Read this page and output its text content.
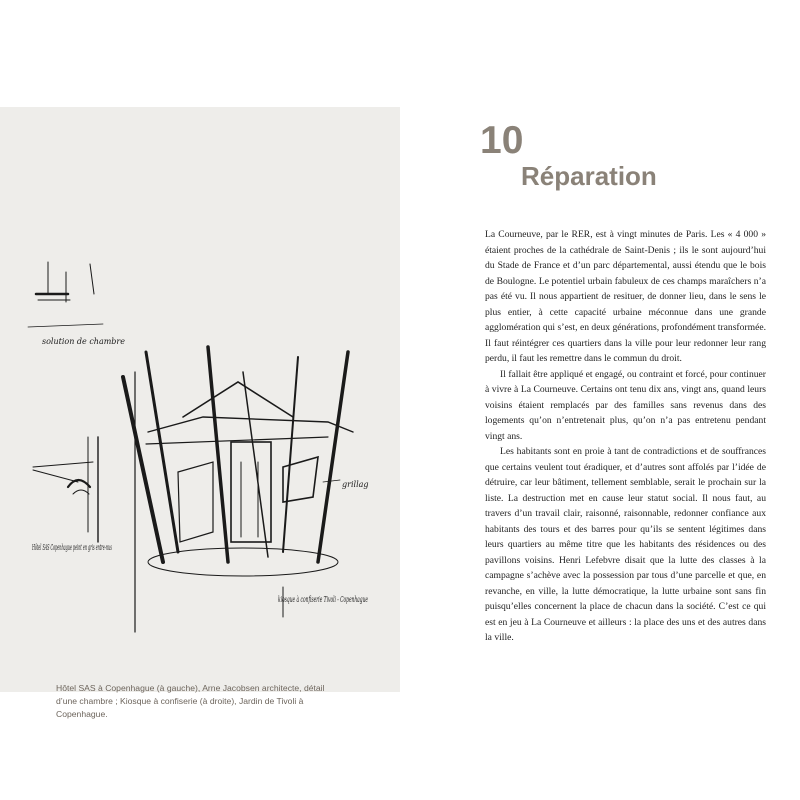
solution de chambre
Hôtel SAS Copenhague peint en gris entre-nus
grillag
kiosque à confiserie Tivoli - Copenhague

Hôtel SAS à Copenhague (à gauche), Arne Jacobsen architecte, détail d’une chambre ; Kiosque à confiserie (à droite), Jardin de Tivoli à Copenhague.

10
Réparation

La Courneuve, par le RER, est à vingt minutes de Paris. Les « 4 000 » étaient proches de la cathédrale de Saint-Denis ; ils le sont aujourd’hui du Stade de France et d’un parc départemental, aussi étendu que le bois de Boulogne. Le potentiel urbain fabuleux de ces champs maraîchers n’a pas été vu. Il nous appartient de resituer, de donner lieu, dans le sens le plus entier, à cette capacité urbaine méconnue dans une grande agglomération qui s’est, en deux générations, profondément transformée. Il faut réintégrer ces quartiers dans la ville pour leur redonner leur rang perdu, il faut les remettre dans le commun du droit.

Il fallait être appliqué et engagé, ou contraint et forcé, pour continuer à vivre à La Courneuve. Certains ont tenu dix ans, vingt ans, quand leurs voisins étaient remplacés par des familles sans revenus dans des logements qu’on n’entretenait plus, qu’on n’a pas entretenu pendant vingt ans.

Les habitants sont en proie à tant de contradictions et de souffrances que certains veulent tout éradiquer, et d’autres sont affolés par l’idée de détruire, car leur bâtiment, tellement semblable, serait le prochain sur la liste. La destruction met en cause leur statut social. Il nous faut, au travers d’un travail clair, raisonné, raisonnable, redonner confiance aux habitants des tours et des barres pour qu’ils se sentent légitimes dans leurs quartiers au même titre que les habitants des résidences ou des pavillons voisins. Henri Lefebvre disait que la lutte des classes à la campagne s’achève avec la possession par tous d’une parcelle et que, en revanche, en ville, la lutte démocratique, la lutte urbaine sont sans fin puisqu’elles concernent la place de chacun dans la société. C’est ce qui est en jeu à La Courneuve et ailleurs : la place des uns et des autres dans la ville.
